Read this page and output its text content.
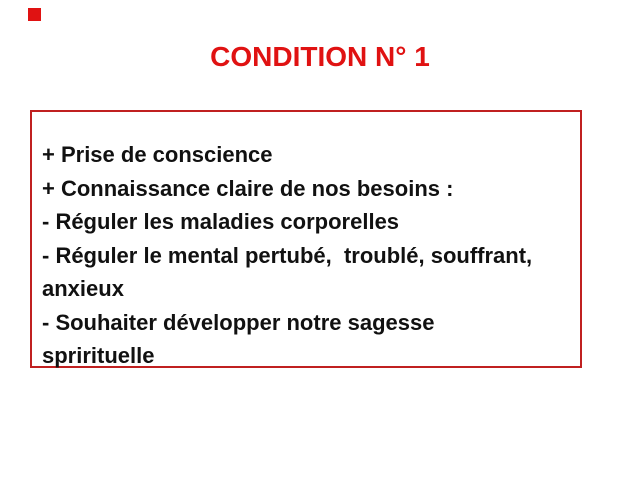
CONDITION N° 1
+ Prise de conscience
+ Connaissance claire de nos besoins :
- Réguler les maladies corporelles
- Réguler le mental pertubé,  troublé, souffrant,
anxieux
- Souhaiter développer notre sagesse
sprirituelle
